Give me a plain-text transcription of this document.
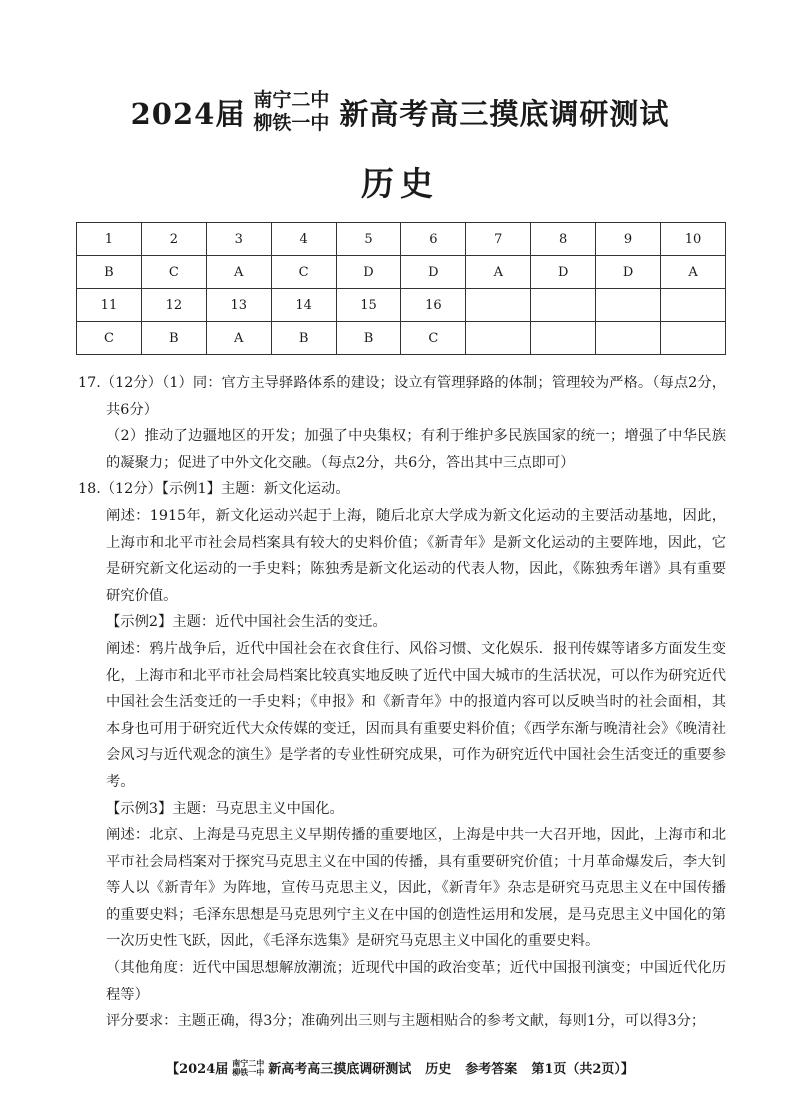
2024届 南宁二中
柳铁一中 新高考高三摸底调研测试
历史
1	2	3	4	5	6	7	8	9	10
B	C	A	C	D	D	A	D	D	A
11	12	13	14	15	16				
C	B	A	B	B	C				

17.（12分）（1）同：官方主导驿路体系的建设；设立有管理驿路的体制；管理较为严格。（每点2分，共6分）

（2）推动了边疆地区的开发；加强了中央集权；有利于维护多民族国家的统一；增强了中华民族的凝聚力；促进了中外文化交融。（每点2分，共6分，答出其中三点即可）

18.（12分）【示例1】主题：新文化运动。

阐述：1915年，新文化运动兴起于上海，随后北京大学成为新文化运动的主要活动基地，因此，上海市和北平市社会局档案具有较大的史料价值；《新青年》是新文化运动的主要阵地，因此，它是研究新文化运动的一手史料；陈独秀是新文化运动的代表人物，因此，《陈独秀年谱》具有重要研究价值。

【示例2】主题：近代中国社会生活的变迁。

阐述：鸦片战争后，近代中国社会在衣食住行、风俗习惯、文化娱乐．报刊传媒等诸多方面发生变化，上海市和北平市社会局档案比较真实地反映了近代中国大城市的生活状况，可以作为研究近代中国社会生活变迁的一手史料；《申报》和《新青年》中的报道内容可以反映当时的社会面相，其本身也可用于研究近代大众传媒的变迁，因而具有重要史料价值；《西学东渐与晚清社会》《晚清社会风习与近代观念的演生》是学者的专业性研究成果，可作为研究近代中国社会生活变迁的重要参考。

【示例3】主题：马克思主义中国化。

阐述：北京、上海是马克思主义早期传播的重要地区，上海是中共一大召开地，因此，上海市和北平市社会局档案对于探究马克思主义在中国的传播，具有重要研究价值；十月革命爆发后，李大钊等人以《新青年》为阵地，宣传马克思主义，因此，《新青年》杂志是研究马克思主义在中国传播的重要史料；毛泽东思想是马克思列宁主义在中国的创造性运用和发展，是马克思主义中国化的第一次历史性飞跃，因此，《毛泽东选集》是研究马克思主义中国化的重要史料。

（其他角度：近代中国思想解放潮流；近现代中国的政治变革；近代中国报刊演变；中国近代化历程等）

评分要求：主题正确，得3分；准确列出三则与主题相贴合的参考文献，每则1分，可以得3分；

【2024届 南宁二中
柳铁一中 新高考高三摸底调研测试 历史 参考答案 第1页（共2页）】
